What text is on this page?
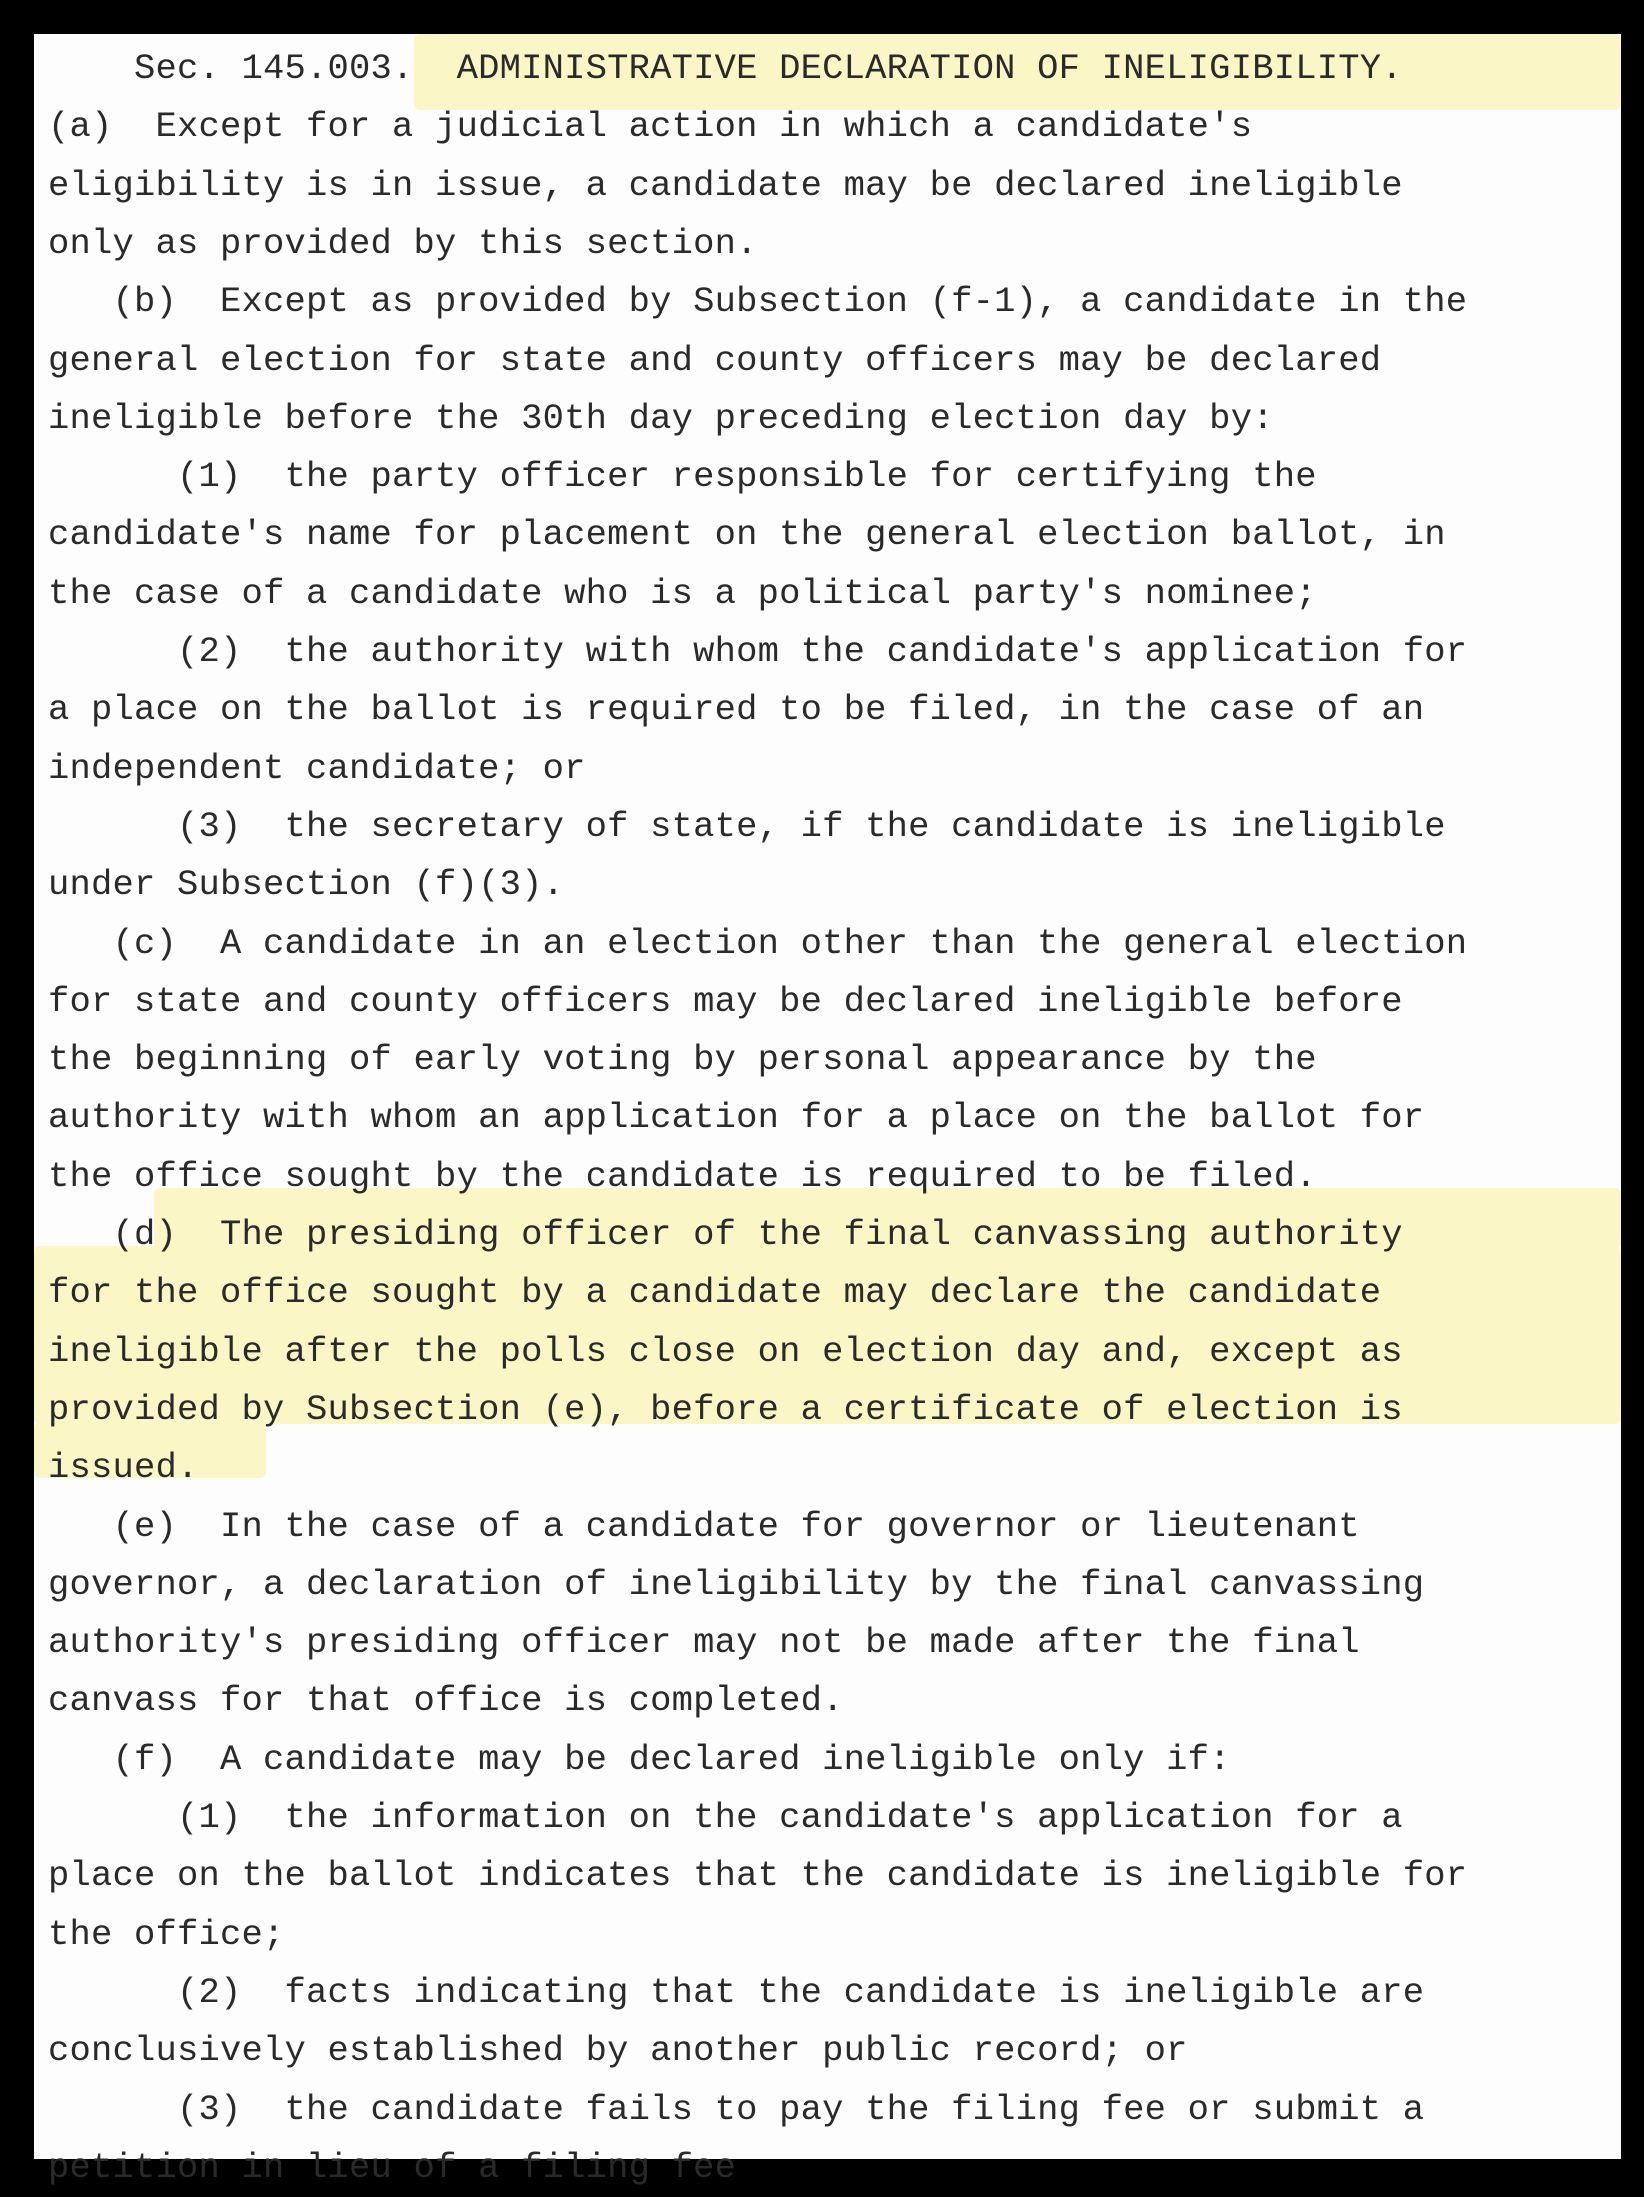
Sec. 145.003.  ADMINISTRATIVE DECLARATION OF INELIGIBILITY.
(a)  Except for a judicial action in which a candidate's
eligibility is in issue, a candidate may be declared ineligible
only as provided by this section.
(b)  Except as provided by Subsection (f-1), a candidate in the
general election for state and county officers may be declared
ineligible before the 30th day preceding election day by:
(1)  the party officer responsible for certifying the
candidate's name for placement on the general election ballot, in
the case of a candidate who is a political party's nominee;
(2)  the authority with whom the candidate's application for
a place on the ballot is required to be filed, in the case of an
independent candidate; or
(3)  the secretary of state, if the candidate is ineligible
under Subsection (f)(3).
(c)  A candidate in an election other than the general election
for state and county officers may be declared ineligible before
the beginning of early voting by personal appearance by the
authority with whom an application for a place on the ballot for
the office sought by the candidate is required to be filed.
(d)  The presiding officer of the final canvassing authority
for the office sought by a candidate may declare the candidate
ineligible after the polls close on election day and, except as
provided by Subsection (e), before a certificate of election is
issued.
(e)  In the case of a candidate for governor or lieutenant
governor, a declaration of ineligibility by the final canvassing
authority's presiding officer may not be made after the final
canvass for that office is completed.
(f)  A candidate may be declared ineligible only if:
(1)  the information on the candidate's application for a
place on the ballot indicates that the candidate is ineligible for
the office;
(2)  facts indicating that the candidate is ineligible are
conclusively established by another public record; or
(3)  the candidate fails to pay the filing fee or submit a
petition in lieu of a filing fee
